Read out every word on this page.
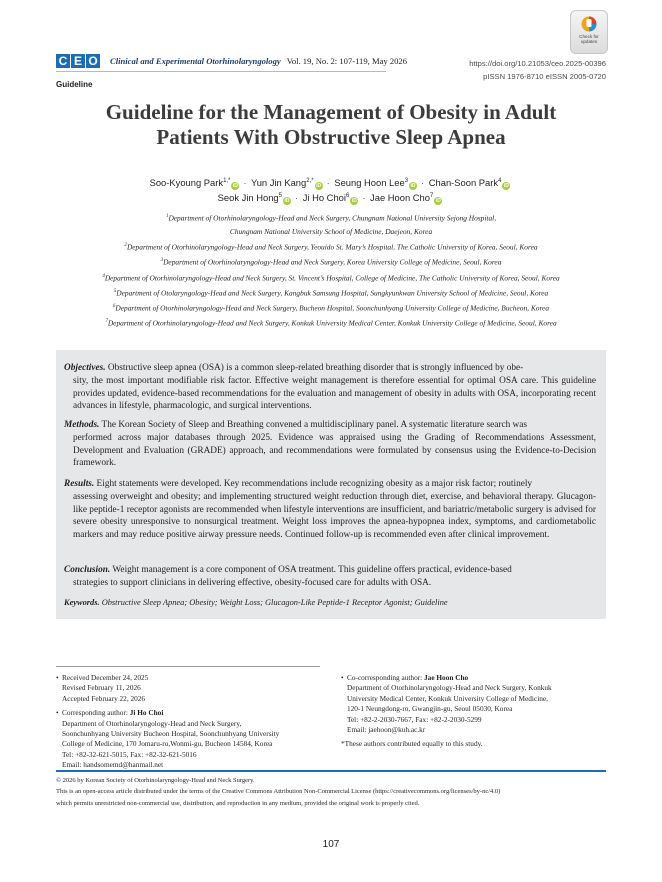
Check for
updates
C E O Clinical and Experimental Otorhinolaryngology Vol. 19, No. 2: 107-119, May 2026	https://doi.org/10.21053/ceo.2025-00396
pISSN 1976-8710 eISSN 2005-0720
Guideline
Guideline for the Management of Obesity in Adult
Patients With Obstructive Sleep Apnea
Soo-Kyoung Park$^{1,*}$iD · Yun Jin Kang$^{2,*}$iD · Seung Hoon Lee$^3$iD · Chan-Soon Park$^4$iD
Seok Jin Hong$^5$iD · Ji Ho Choi$^6$iD · Jae Hoon Cho$^7$iD
$^1$Department of Otorhinolaryngology-Head and Neck Surgery, Chungnam National University Sejong Hospital,
Chungnam National University School of Medicine, Daejeon, Korea
$^2$Department of Otorhinolaryngology-Head and Neck Surgery, Yeouido St. Mary’s Hospital, The Catholic University of Korea, Seoul, Korea
$^3$Department of Otorhinolaryngology-Head and Neck Surgery, Korea University College of Medicine, Seoul, Korea
$^4$Department of Otorhinolaryngology-Head and Neck Surgery, St. Vincent’s Hospital, College of Medicine, The Catholic University of Korea, Seoul, Korea
$^5$Department of Otolaryngology-Head and Neck Surgery, Kangbuk Samsung Hospital, Sungkyunkwan University School of Medicine, Seoul, Korea
$^6$Department of Otorhinolaryngology-Head and Neck Surgery, Bucheon Hospital, Soonchunhyang University College of Medicine, Bucheon, Korea
$^7$Department of Otorhinolaryngology-Head and Neck Surgery, Konkuk University Medical Center, Konkuk University College of Medicine, Seoul, Korea
Objectives. Obstructive sleep apnea (OSA) is a common sleep-related breathing disorder that is strongly influenced by obe-
sity, the most important modifiable risk factor. Effective weight management is therefore essential for optimal OSA care. This guideline provides updated, evidence-based recommendations for the evaluation and management of obesity in adults with OSA, incorporating recent advances in lifestyle, pharmacologic, and surgical interventions.
Methods. The Korean Society of Sleep and Breathing convened a multidisciplinary panel. A systematic literature search was
performed across major databases through 2025. Evidence was appraised using the Grading of Recommendations Assessment, Development and Evaluation (GRADE) approach, and recommendations were formulated by consensus using the Evidence-to-Decision framework.
Results. Eight statements were developed. Key recommendations include recognizing obesity as a major risk factor; routinely
assessing overweight and obesity; and implementing structured weight reduction through diet, exercise, and behavioral therapy. Glucagon-like peptide-1 receptor agonists are recommended when lifestyle interventions are insufficient, and bariatric/metabolic surgery is advised for severe obesity unresponsive to nonsurgical treatment. Weight loss improves the apnea-hypopnea index, symptoms, and cardiometabolic markers and may reduce positive airway pressure needs. Continued follow-up is recommended even after clinical improvement.
Conclusion. Weight management is a core component of OSA treatment. This guideline offers practical, evidence-based
strategies to support clinicians in delivering effective, obesity-focused care for adults with OSA.
Keywords. Obstructive Sleep Apnea; Obesity; Weight Loss; Glucagon-Like Peptide-1 Receptor Agonist; Guideline
• Received December 24, 2025
Revised February 11, 2026
Accepted February 22, 2026
• Corresponding author: Ji Ho Choi
Department of Otorhinolaryngology-Head and Neck Surgery,
Soonchunhyang University Bucheon Hospital, Soonchunhyang University
College of Medicine, 170 Jomaru-ro,Wonmi-gu, Bucheon 14584, Korea
Tel: +82-32-621-5015, Fax: +82-32-621-5016
Email: handsomemd@hanmail.net
• Co-corresponding author: Jae Hoon Cho
Department of Otorhinolaryngology-Head and Neck Surgery, Konkuk
University Medical Center, Konkuk University College of Medicine,
120-1 Neungdong-ro, Gwangjin-gu, Seoul 05030, Korea
Tel: +82-2-2030-7667, Fax: +82-2-2030-5299
Email: jaehoon@kuh.ac.kr
*These authors contributed equally to this study.
© 2026 by Korean Society of Otorhinolaryngology-Head and Neck Surgery.
This is an open-access article distributed under the terms of the Creative Commons Attribution Non-Commercial License (https://creativecommons.org/licenses/by-nc/4.0)
which permits unrestricted non-commercial use, distribution, and reproduction in any medium, provided the original work is properly cited.
107
